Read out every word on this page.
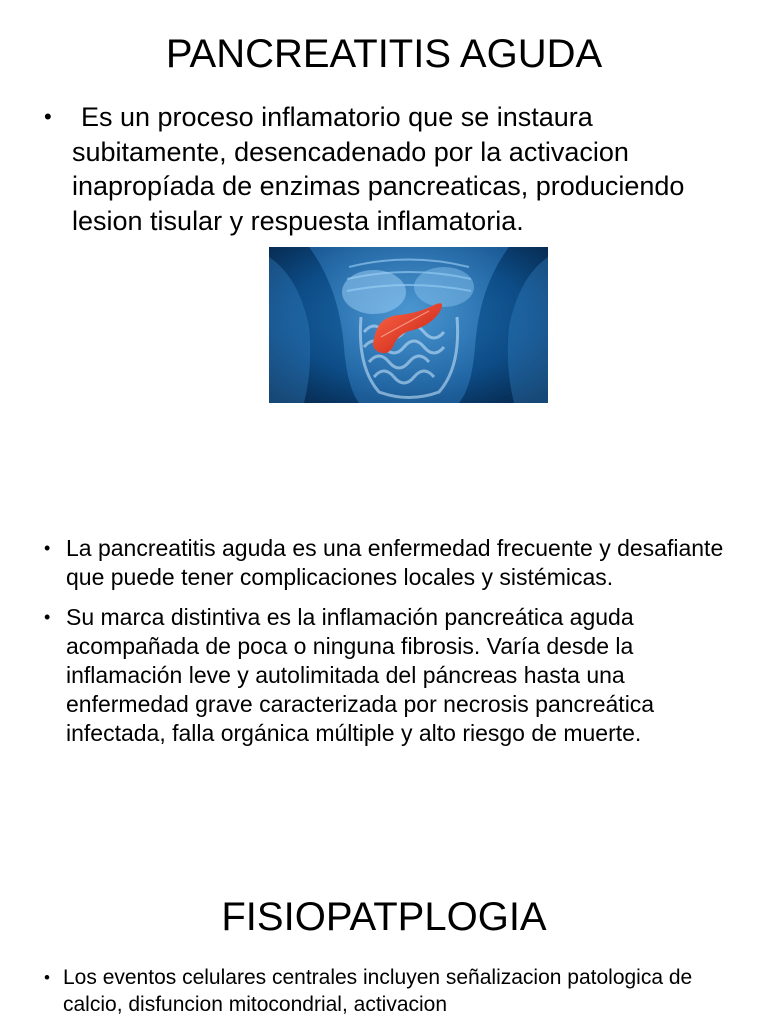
PANCREATITIS AGUDA
•	Es un proceso inflamatorio que se instaura subitamente, desencadenado por la activacion inapropíada de enzimas pancreaticas, produciendo lesion tisular y respuesta inflamatoria.
• La pancreatitis aguda es una enfermedad frecuente y desafiante que puede tener complicaciones locales y sistémicas.
• Su marca distintiva es la inflamación pancreática aguda acompañada de poca o ninguna fibrosis. Varía desde la inflamación leve y autolimitada del páncreas hasta una enfermedad grave caracterizada por necrosis pancreática infectada, falla orgánica múltiple y alto riesgo de muerte.
FISIOPATPLOGIA
• Los eventos celulares centrales incluyen señalizacion patologica de calcio, disfuncion mitocondrial, activacion
